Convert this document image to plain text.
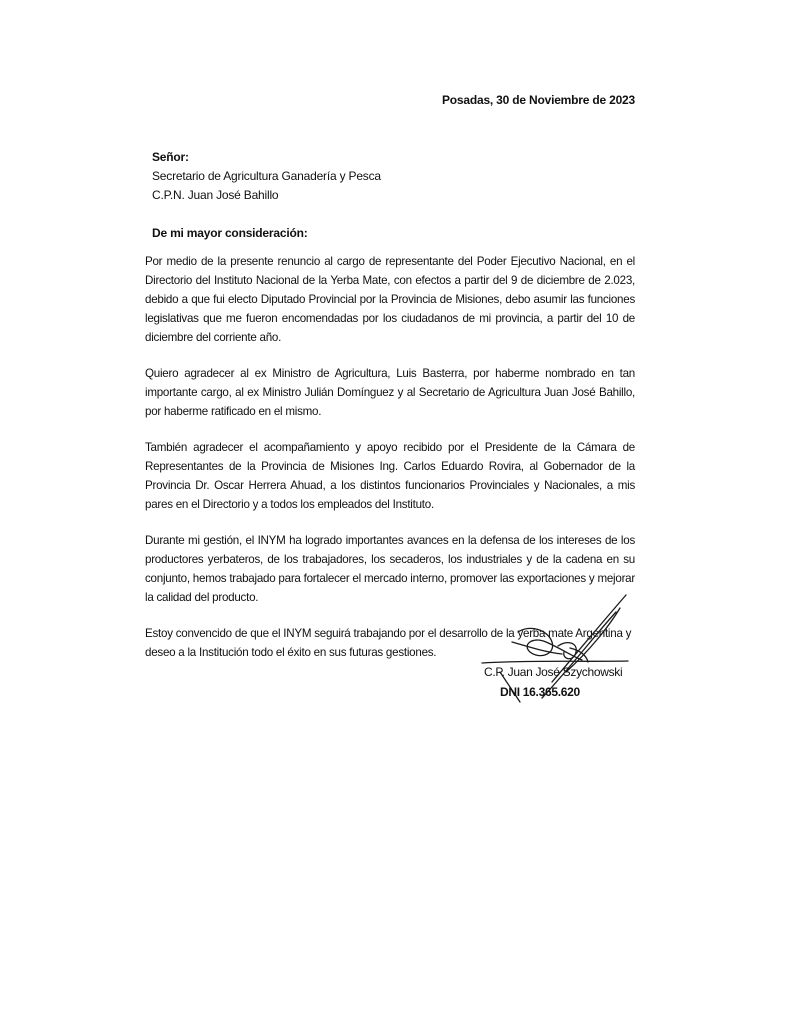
Posadas, 30 de Noviembre de 2023
Señor:
Secretario de Agricultura Ganadería y Pesca
C.P.N. Juan José Bahillo
De mi mayor consideración:

Por medio de la presente renuncio al cargo de representante del Poder Ejecutivo Nacional, en el Directorio del Instituto Nacional de la Yerba Mate, con efectos a partir del 9 de diciembre de 2.023, debido a que fui electo Diputado Provincial por la Provincia de Misiones, debo asumir las funciones legislativas que me fueron encomendadas por los ciudadanos de mi provincia, a partir del 10 de diciembre del corriente año.

Quiero agradecer al ex Ministro de Agricultura, Luis Basterra, por haberme nombrado en tan importante cargo, al ex Ministro Julián Domínguez y al Secretario de Agricultura Juan José Bahillo, por haberme ratificado en el mismo.

También agradecer el acompañamiento y apoyo recibido por el Presidente de la Cámara de Representantes de la Provincia de Misiones Ing. Carlos Eduardo Rovira, al Gobernador de la Provincia Dr. Oscar Herrera Ahuad, a los distintos funcionarios Provinciales y Nacionales, a mis pares en el Directorio y a todos los empleados del Instituto.

Durante mi gestión, el INYM ha logrado importantes avances en la defensa de los intereses de los productores yerbateros, de los trabajadores, los secaderos, los industriales y de la cadena en su conjunto, hemos trabajado para fortalecer el mercado interno, promover las exportaciones y mejorar la calidad del producto.

Estoy convencido de que el INYM seguirá trabajando por el desarrollo de la yerba mate Argentina y deseo a la Institución todo el éxito en sus futuras gestiones.

C.P. Juan José Szychowski
DNI 16.365.620
